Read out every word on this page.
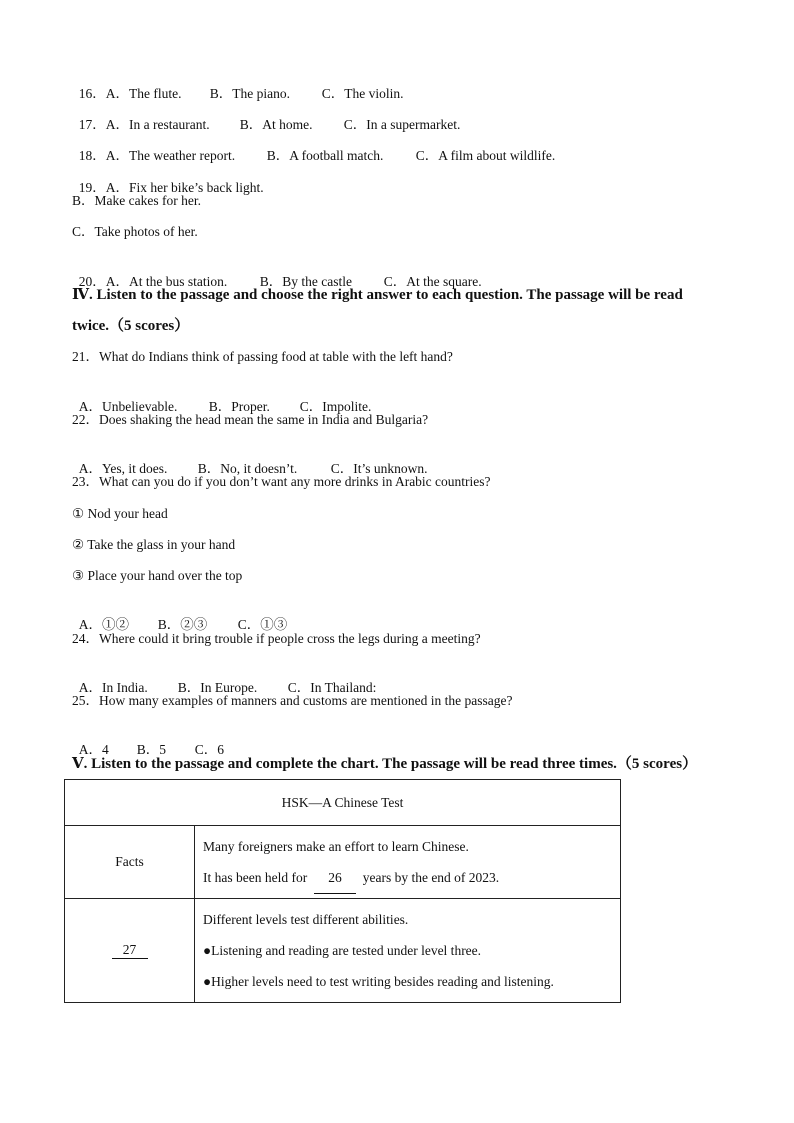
16．A．The flute. B．The piano. C．The violin.

17．A．In a restaurant. B．At home. C．In a supermarket.

18．A．The weather report. B．A football match. C．A film about wildlife.

19．A．Fix her bike’s back light.

B．Make cakes for her.
C．Take photos of her.

20．A．At the bus station. B．By the castle C．At the square.

Ⅳ. Listen to the passage and choose the right answer to each question. The passage will be read
twice.（5 scores）
21．What do Indians think of passing food at table with the left hand?

A．Unbelievable. B．Proper. C．Impolite.

22．Does shaking the head mean the same in India and Bulgaria?

A．Yes, it does. B．No, it doesn’t. C．It’s unknown.

23．What can you do if you don’t want any more drinks in Arabic countries?
① Nod your head
② Take the glass in your hand
③ Place your hand over the top

A．①② B．②③ C．①③

24．Where could it bring trouble if people cross the legs during a meeting?

A．In India. B．In Europe. C．In Thailand:

25．How many examples of manners and customs are mentioned in the passage?

A．4 B．5 C．6

Ⅴ. Listen to the passage and complete the chart. The passage will be read three times.（5 scores）
HSK—A Chinese Test	
Facts	Many foreigners make an effort to learn Chinese.
It has been held for 26 years by the end of 2023.

27	Different levels test different abilities.
●Listening and reading are tested under level three.
●Higher levels need to test writing besides reading and listening.
